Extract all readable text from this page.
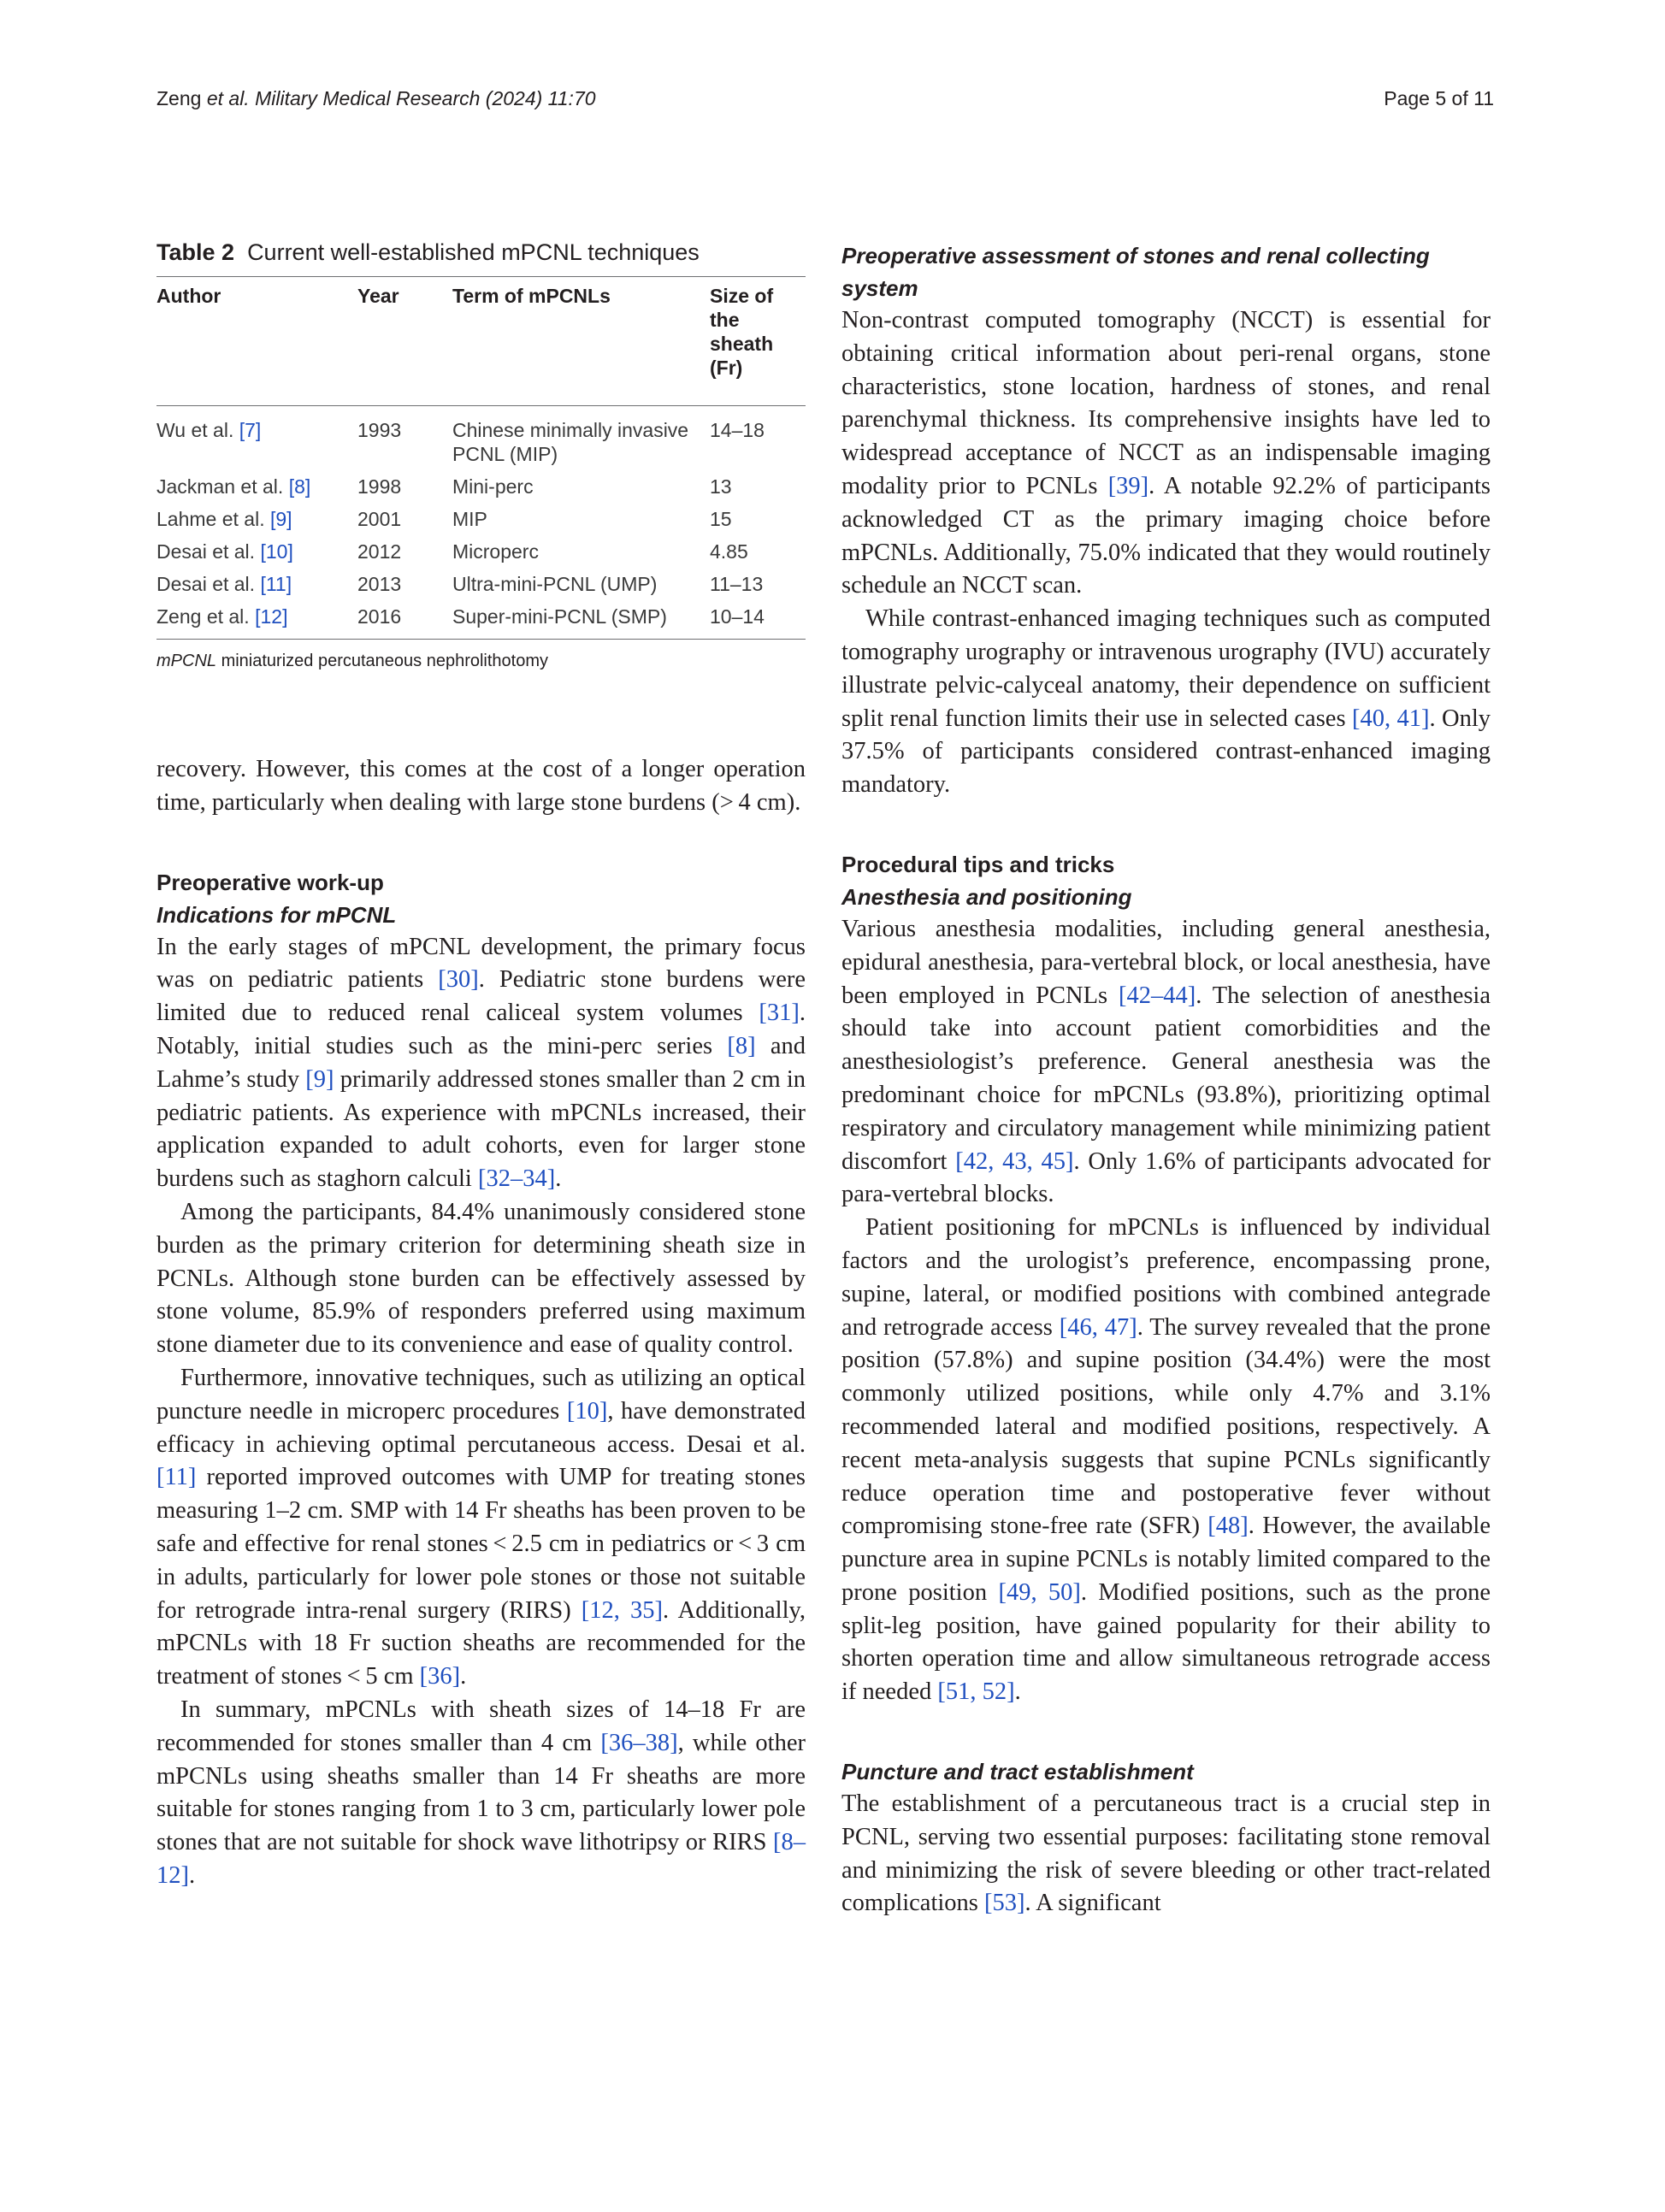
Zeng et al. Military Medical Research (2024) 11:70	Page 5 of 11
Table 2 Current well-established mPCNL techniques
Author	Year	Term of mPCNLs	Size of the sheath (Fr)
Wu et al. [7]	1993	Chinese minimally invasive PCNL (MIP)	14–18
Jackman et al. [8]	1998	Mini-perc	13
Lahme et al. [9]	2001	MIP	15
Desai et al. [10]	2012	Microperc	4.85
Desai et al. [11]	2013	Ultra-mini-PCNL (UMP)	11–13
Zeng et al. [12]	2016	Super-mini-PCNL (SMP)	10–14
mPCNL miniaturized percutaneous nephrolithotomy

recovery. However, this comes at the cost of a longer operation time, particularly when dealing with large stone burdens (> 4 cm).

Preoperative work-up
Indications for mPCNL

In the early stages of mPCNL development, the primary focus was on pediatric patients [30]. Pediatric stone burdens were limited due to reduced renal caliceal system volumes [31]. Notably, initial studies such as the mini-perc series [8] and Lahme’s study [9] primarily addressed stones smaller than 2 cm in pediatric patients. As experience with mPCNLs increased, their application expanded to adult cohorts, even for larger stone burdens such as staghorn calculi [32–34].

Among the participants, 84.4% unanimously considered stone burden as the primary criterion for determining sheath size in PCNLs. Although stone burden can be effectively assessed by stone volume, 85.9% of responders preferred using maximum stone diameter due to its convenience and ease of quality control.

Furthermore, innovative techniques, such as utilizing an optical puncture needle in microperc procedures [10], have demonstrated efficacy in achieving optimal percutaneous access. Desai et al. [11] reported improved outcomes with UMP for treating stones measuring 1–2 cm. SMP with 14 Fr sheaths has been proven to be safe and effective for renal stones < 2.5 cm in pediatrics or < 3 cm in adults, particularly for lower pole stones or those not suitable for retrograde intra-renal surgery (RIRS) [12, 35]. Additionally, mPCNLs with 18 Fr suction sheaths are recommended for the treatment of stones < 5 cm [36].

In summary, mPCNLs with sheath sizes of 14–18 Fr are recommended for stones smaller than 4 cm [36–38], while other mPCNLs using sheaths smaller than 14 Fr sheaths are more suitable for stones ranging from 1 to 3 cm, particularly lower pole stones that are not suitable for shock wave lithotripsy or RIRS [8–12].

Preoperative assessment of stones and renal collecting system

Non-contrast computed tomography (NCCT) is essential for obtaining critical information about peri-renal organs, stone characteristics, stone location, hardness of stones, and renal parenchymal thickness. Its comprehensive insights have led to widespread acceptance of NCCT as an indispensable imaging modality prior to PCNLs [39]. A notable 92.2% of participants acknowledged CT as the primary imaging choice before mPCNLs. Additionally, 75.0% indicated that they would routinely schedule an NCCT scan.

While contrast-enhanced imaging techniques such as computed tomography urography or intravenous urography (IVU) accurately illustrate pelvic-calyceal anatomy, their dependence on sufficient split renal function limits their use in selected cases [40, 41]. Only 37.5% of participants considered contrast-enhanced imaging mandatory.

Procedural tips and tricks
Anesthesia and positioning

Various anesthesia modalities, including general anesthesia, epidural anesthesia, para-vertebral block, or local anesthesia, have been employed in PCNLs [42–44]. The selection of anesthesia should take into account patient comorbidities and the anesthesiologist’s preference. General anesthesia was the predominant choice for mPCNLs (93.8%), prioritizing optimal respiratory and circulatory management while minimizing patient discomfort [42, 43, 45]. Only 1.6% of participants advocated for para-vertebral blocks.

Patient positioning for mPCNLs is influenced by individual factors and the urologist’s preference, encompassing prone, supine, lateral, or modified positions with combined antegrade and retrograde access [46, 47]. The survey revealed that the prone position (57.8%) and supine position (34.4%) were the most commonly utilized positions, while only 4.7% and 3.1% recommended lateral and modified positions, respectively. A recent meta-analysis suggests that supine PCNLs significantly reduce operation time and postoperative fever without compromising stone-free rate (SFR) [48]. However, the available puncture area in supine PCNLs is notably limited compared to the prone position [49, 50]. Modified positions, such as the prone split-leg position, have gained popularity for their ability to shorten operation time and allow simultaneous retrograde access if needed [51, 52].

Puncture and tract establishment

The establishment of a percutaneous tract is a crucial step in PCNL, serving two essential purposes: facilitating stone removal and minimizing the risk of severe bleeding or other tract-related complications [53]. A significant
